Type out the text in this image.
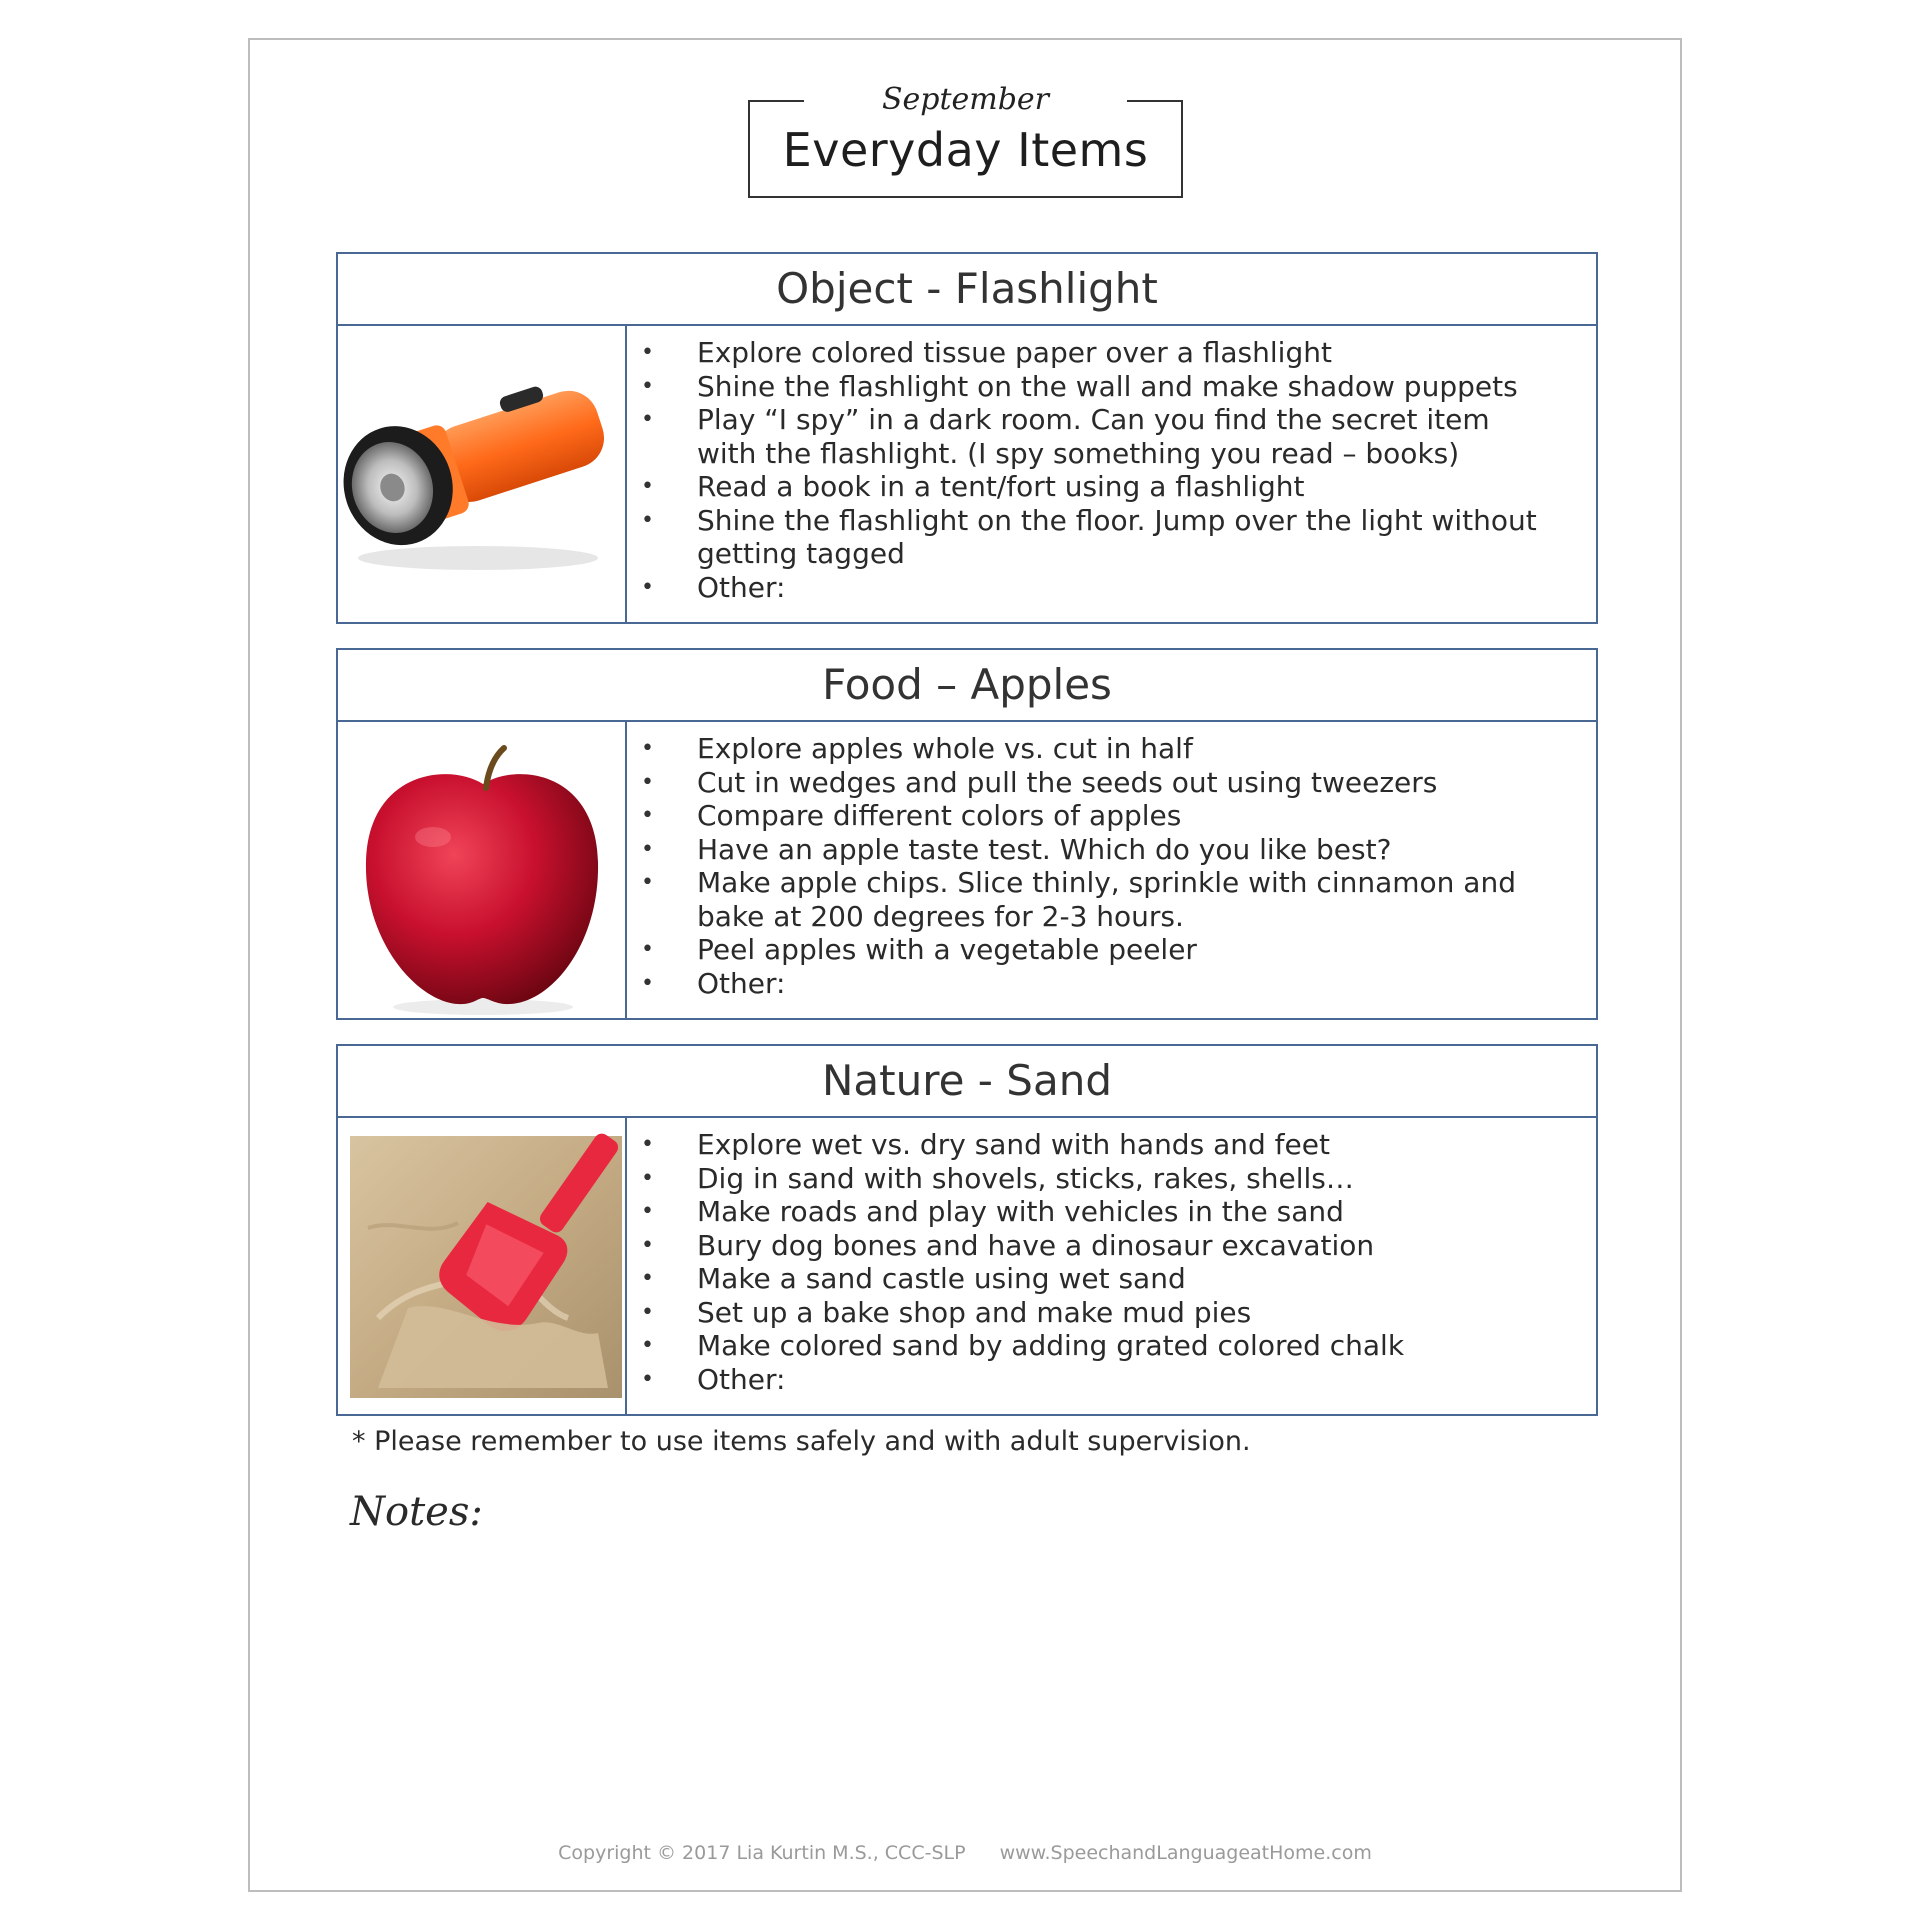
September
Everyday Items
Object - Flashlight
• Explore colored tissue paper over a flashlight
• Shine the flashlight on the wall and make shadow puppets
• Play “I spy” in a dark room. Can you find the secret item with the flashlight. (I spy something you read – books)
• Read a book in a tent/fort using a flashlight
• Shine the flashlight on the floor. Jump over the light without getting tagged
• Other:
Food – Apples
• Explore apples whole vs. cut in half
• Cut in wedges and pull the seeds out using tweezers
• Compare different colors of apples
• Have an apple taste test. Which do you like best?
• Make apple chips. Slice thinly, sprinkle with cinnamon and bake at 200 degrees for 2-3 hours.
• Peel apples with a vegetable peeler
• Other:
Nature - Sand
• Explore wet vs. dry sand with hands and feet
• Dig in sand with shovels, sticks, rakes, shells…
• Make roads and play with vehicles in the sand
• Bury dog bones and have a dinosaur excavation
• Make a sand castle using wet sand
• Set up a bake shop and make mud pies
• Make colored sand by adding grated colored chalk
• Other:
* Please remember to use items safely and with adult supervision.
Notes:
Copyright © 2017 Lia Kurtin M.S., CCC-SLP www.SpeechandLanguageatHome.com
